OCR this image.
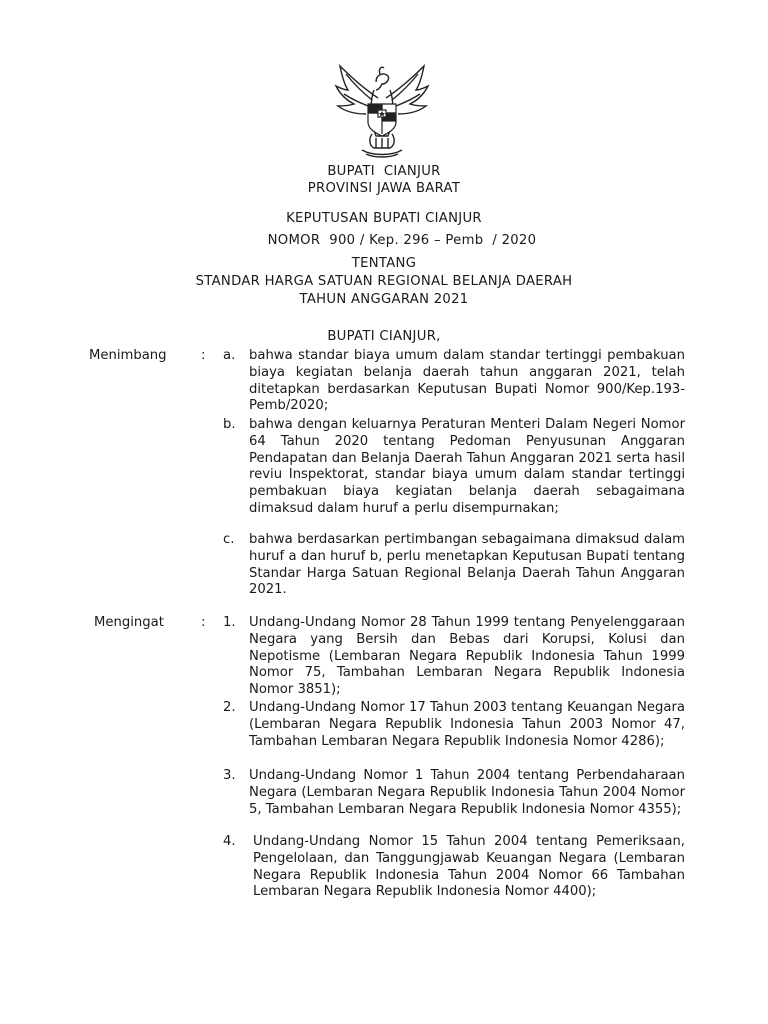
BUPATI  CIANJUR
PROVINSI JAWA BARAT
KEPUTUSAN BUPATI CIANJUR
NOMOR  900 / Kep. 296 – Pemb  / 2020
TENTANG
STANDAR HARGA SATUAN REGIONAL BELANJA DAERAH
TAHUN ANGGARAN 2021
BUPATI CIANJUR,
Menimbang	: a. bahwa standar biaya umum dalam standar tertinggi pembakuan biaya kegiatan belanja daerah tahun anggaran 2021, telah ditetapkan berdasarkan Keputusan Bupati Nomor 900/Kep.193-Pemb/2020;
b. bahwa dengan keluarnya Peraturan Menteri Dalam Negeri Nomor 64 Tahun 2020 tentang Pedoman Penyusunan Anggaran Pendapatan dan Belanja Daerah Tahun Anggaran 2021 serta hasil reviu Inspektorat, standar biaya umum dalam standar tertinggi pembakuan biaya kegiatan belanja daerah sebagaimana dimaksud dalam huruf a perlu disempurnakan;
c. bahwa berdasarkan pertimbangan sebagaimana dimaksud dalam huruf a dan huruf b, perlu menetapkan Keputusan Bupati tentang Standar Harga Satuan Regional Belanja Daerah Tahun Anggaran 2021.
Mengingat	: 1. Undang-Undang Nomor 28 Tahun 1999 tentang Penyelenggaraan Negara yang Bersih dan Bebas dari Korupsi, Kolusi dan Nepotisme (Lembaran Negara Republik Indonesia Tahun 1999 Nomor 75, Tambahan Lembaran Negara Republik Indonesia Nomor 3851);
2. Undang-Undang Nomor 17 Tahun 2003 tentang Keuangan Negara (Lembaran Negara Republik Indonesia Tahun 2003 Nomor 47, Tambahan Lembaran Negara Republik Indonesia Nomor 4286);
3. Undang-Undang Nomor 1 Tahun 2004 tentang Perbendaharaan Negara (Lembaran Negara Republik Indonesia Tahun 2004 Nomor 5, Tambahan Lembaran Negara Republik Indonesia Nomor 4355);
4. Undang-Undang Nomor 15 Tahun 2004 tentang Pemeriksaan, Pengelolaan, dan Tanggungjawab Keuangan Negara (Lembaran Negara Republik Indonesia Tahun 2004 Nomor 66 Tambahan Lembaran Negara Republik Indonesia Nomor 4400);
